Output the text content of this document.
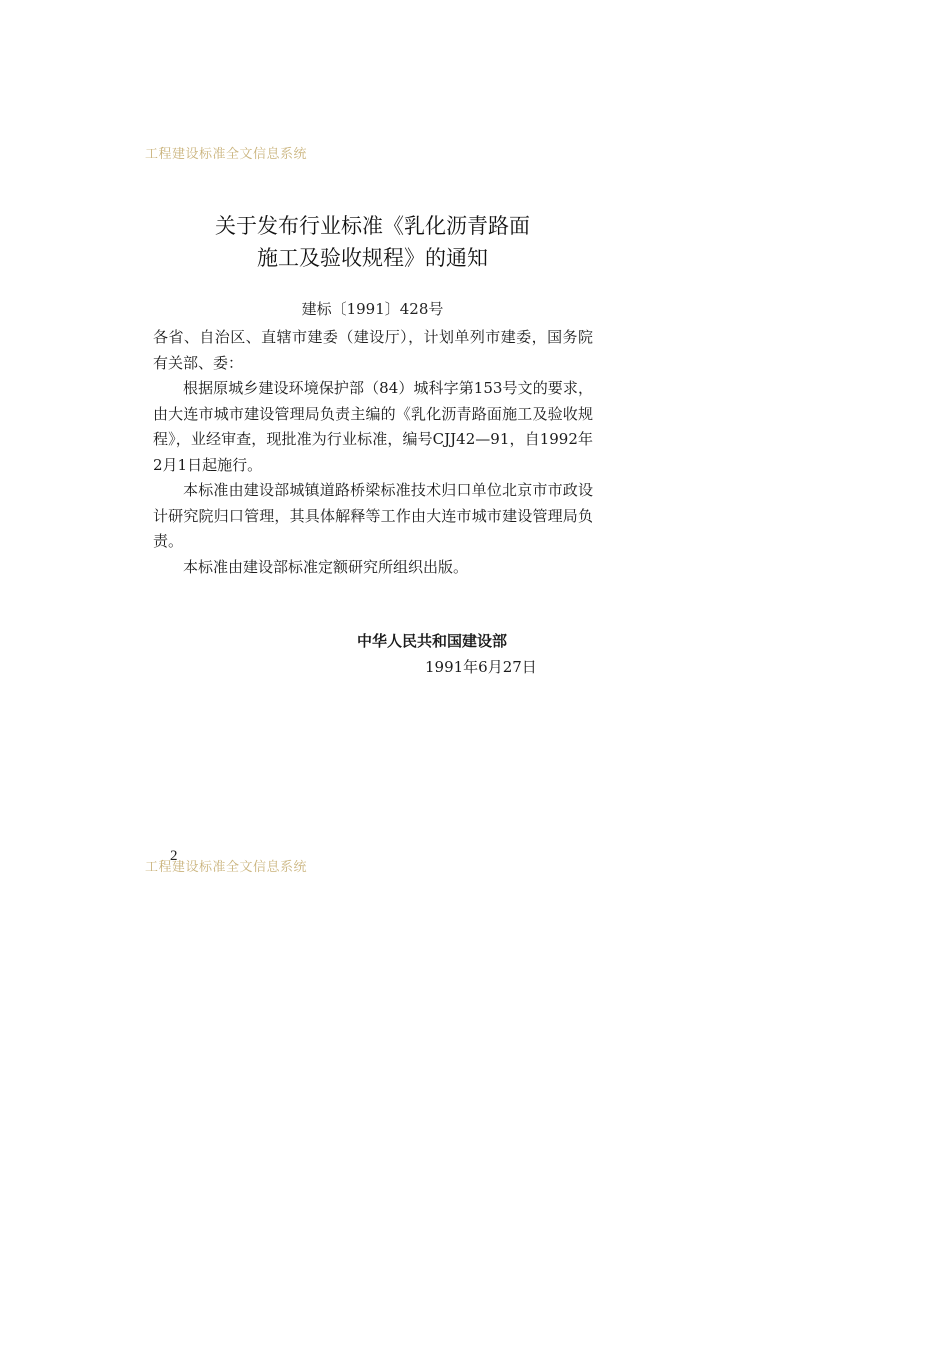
工程建设标准全文信息系统
关于发布行业标准《乳化沥青路面
施工及验收规程》的通知
建标〔1991〕428号

各省、自治区、直辖市建委（建设厅），计划单列市建委，国务院有关部、委：

根据原城乡建设环境保护部（84）城科字第153号文的要求，由大连市城市建设管理局负责主编的《乳化沥青路面施工及验收规程》，业经审查，现批准为行业标准，编号CJJ42—91，自1992年2月1日起施行。

本标准由建设部城镇道路桥梁标准技术归口单位北京市市政设计研究院归口管理，其具体解释等工作由大连市城市建设管理局负责。

本标准由建设部标准定额研究所组织出版。

中华人民共和国建设部
1991年6月27日
工程建设标准全文信息系统
2
